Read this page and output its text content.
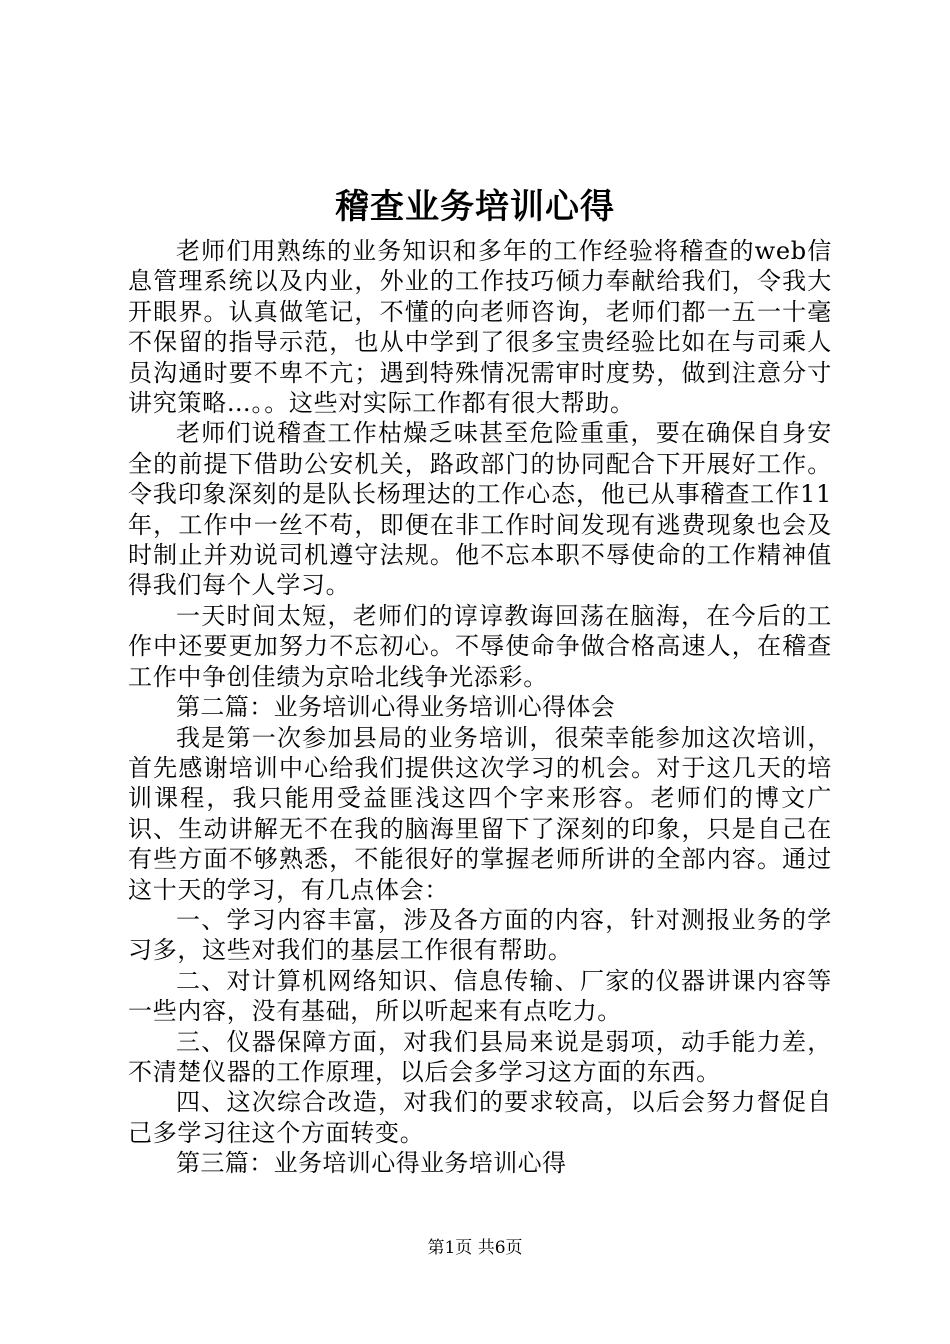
稽查业务培训心得

老师们用熟练的业务知识和多年的工作经验将稽查的web信息管理系统以及内业，外业的工作技巧倾力奉献给我们，令我大开眼界。认真做笔记，不懂的向老师咨询，老师们都一五一十毫不保留的指导示范，也从中学到了很多宝贵经验比如在与司乘人员沟通时要不卑不亢；遇到特殊情况需审时度势，做到注意分寸讲究策略…。。这些对实际工作都有很大帮助。

老师们说稽查工作枯燥乏味甚至危险重重，要在确保自身安全的前提下借助公安机关，路政部门的协同配合下开展好工作。令我印象深刻的是队长杨理达的工作心态，他已从事稽查工作11年，工作中一丝不苟，即便在非工作时间发现有逃费现象也会及时制止并劝说司机遵守法规。他不忘本职不辱使命的工作精神值得我们每个人学习。

一天时间太短，老师们的谆谆教诲回荡在脑海，在今后的工作中还要更加努力不忘初心。不辱使命争做合格高速人，在稽查工作中争创佳绩为京哈北线争光添彩。

第二篇：业务培训心得业务培训心得体会

我是第一次参加县局的业务培训，很荣幸能参加这次培训，首先感谢培训中心给我们提供这次学习的机会。对于这几天的培训课程，我只能用受益匪浅这四个字来形容。老师们的博文广识、生动讲解无不在我的脑海里留下了深刻的印象，只是自己在有些方面不够熟悉，不能很好的掌握老师所讲的全部内容。通过这十天的学习，有几点体会：

一、学习内容丰富，涉及各方面的内容，针对测报业务的学习多，这些对我们的基层工作很有帮助。

二、对计算机网络知识、信息传输、厂家的仪器讲课内容等一些内容，没有基础，所以听起来有点吃力。

三、仪器保障方面，对我们县局来说是弱项，动手能力差，不清楚仪器的工作原理，以后会多学习这方面的东西。

四、这次综合改造，对我们的要求较高，以后会努力督促自己多学习往这个方面转变。

第三篇：业务培训心得业务培训心得

第1页 共6页
